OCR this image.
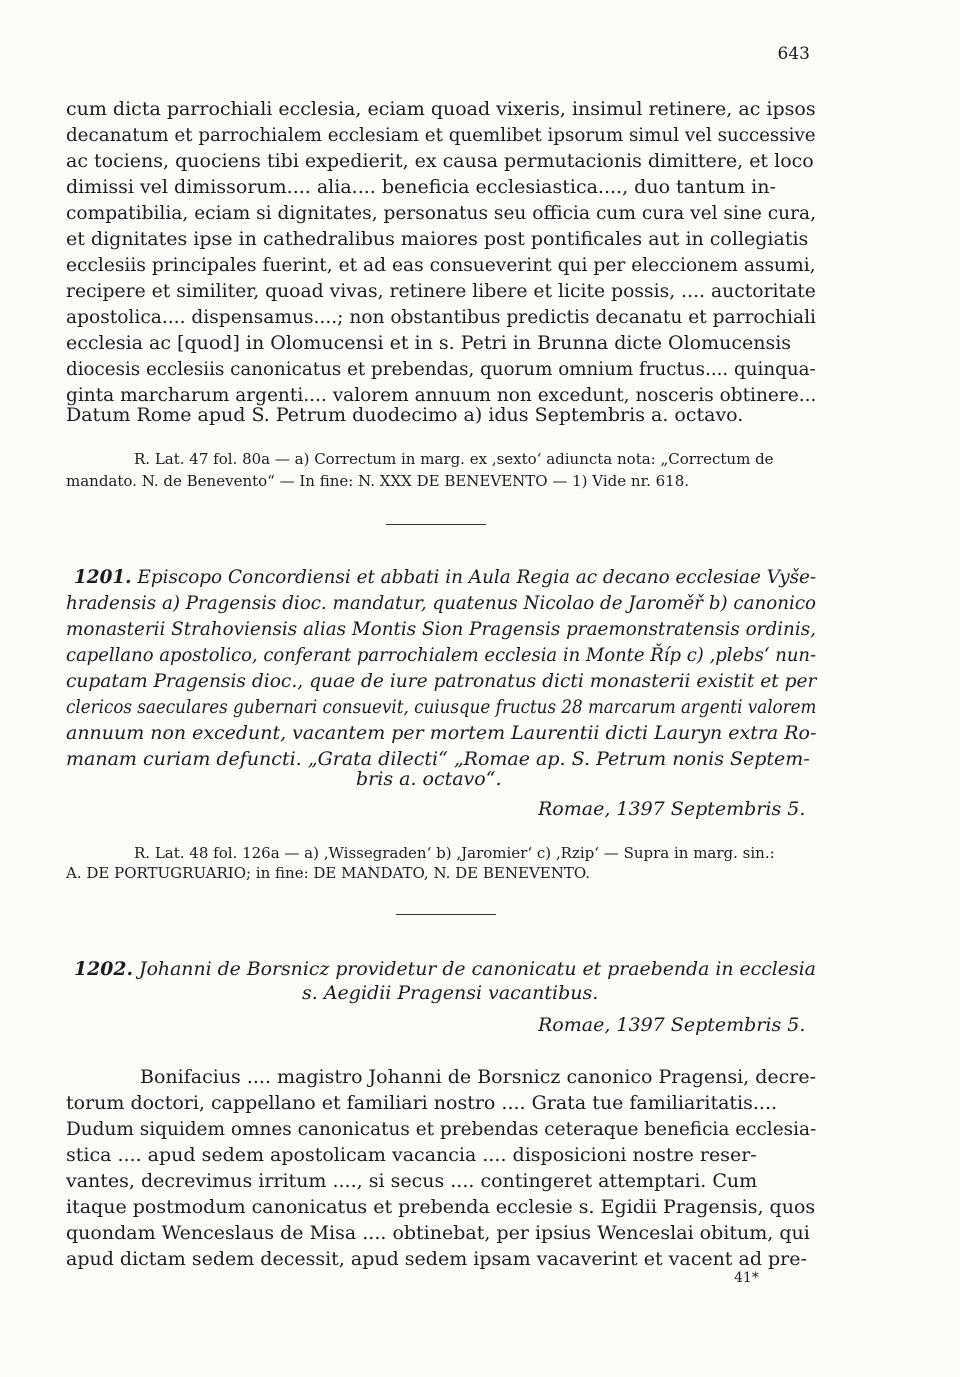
643
cum dicta parrochiali ecclesia, eciam quoad vixeris, insimul retinere, ac ipsos
decanatum et parrochialem ecclesiam et quemlibet ipsorum simul vel successive
ac tociens, quociens tibi expedierit, ex causa permutacionis dimittere, et loco
dimissi vel dimissorum.... alia.... beneficia ecclesiastica...., duo tantum in-
compatibilia, eciam si dignitates, personatus seu officia cum cura vel sine cura,
et dignitates ipse in cathedralibus maiores post pontificales aut in collegiatis
ecclesiis principales fuerint, et ad eas consueverint qui per eleccionem assumi,
recipere et similiter, quoad vivas, retinere libere et licite possis, .... auctoritate
apostolica.... dispensamus....; non obstantibus predictis decanatu et parrochiali
ecclesia ac [quod] in Olomucensi et in s. Petri in Brunna dicte Olomucensis
diocesis ecclesiis canonicatus et prebendas, quorum omnium fructus.... quinqua-
ginta marcharum argenti.... valorem annuum non excedunt, nosceris obtinere...
Datum Rome apud S. Petrum duodecimo a) idus Septembris a. octavo.
R. Lat. 47 fol. 80a — a) Correctum in marg. ex ‚sexto‘ adiuncta nota: „Correctum de
mandato. N. de Benevento“ — In fine: N. XXX DE BENEVENTO — 1) Vide nr. 618.
1201. Episcopo Concordiensi et abbati in Aula Regia ac decano ecclesiae Vyše-
hradensis a) Pragensis dioc. mandatur, quatenus Nicolao de Jaroměř b) canonico
monasterii Strahoviensis alias Montis Sion Pragensis praemonstratensis ordinis,
capellano apostolico, conferant parrochialem ecclesia in Monte Říp c) ‚plebs‘ nun-
cupatam Pragensis dioc., quae de iure patronatus dicti monasterii existit et per
clericos saeculares gubernari consuevit, cuiusque fructus 28 marcarum argenti valorem
annuum non excedunt, vacantem per mortem Laurentii dicti Lauryn extra Ro-
manam curiam defuncti. „Grata dilecti“ „Romae ap. S. Petrum nonis Septem-
bris a. octavo“.
Romae, 1397 Septembris 5.
R. Lat. 48 fol. 126a — a) ‚Wissegraden‘ b) ‚Jaromier‘ c) ‚Rzip‘ — Supra in marg. sin.:
A. DE PORTUGRUARIO; in fine: DE MANDATO, N. DE BENEVENTO.
1202. Johanni de Borsnicz providetur de canonicatu et praebenda in ecclesia
s. Aegidii Pragensi vacantibus.
Romae, 1397 Septembris 5.
Bonifacius .... magistro Johanni de Borsnicz canonico Pragensi, decre-
torum doctori, cappellano et familiari nostro .... Grata tue familiaritatis....
Dudum siquidem omnes canonicatus et prebendas ceteraque beneficia ecclesia-
stica .... apud sedem apostolicam vacancia .... disposicioni nostre reser-
vantes, decrevimus irritum ...., si secus .... contingeret attemptari. Cum
itaque postmodum canonicatus et prebenda ecclesie s. Egidii Pragensis, quos
quondam Wenceslaus de Misa .... obtinebat, per ipsius Wenceslai obitum, qui
apud dictam sedem decessit, apud sedem ipsam vacaverint et vacent ad pre-
41*
